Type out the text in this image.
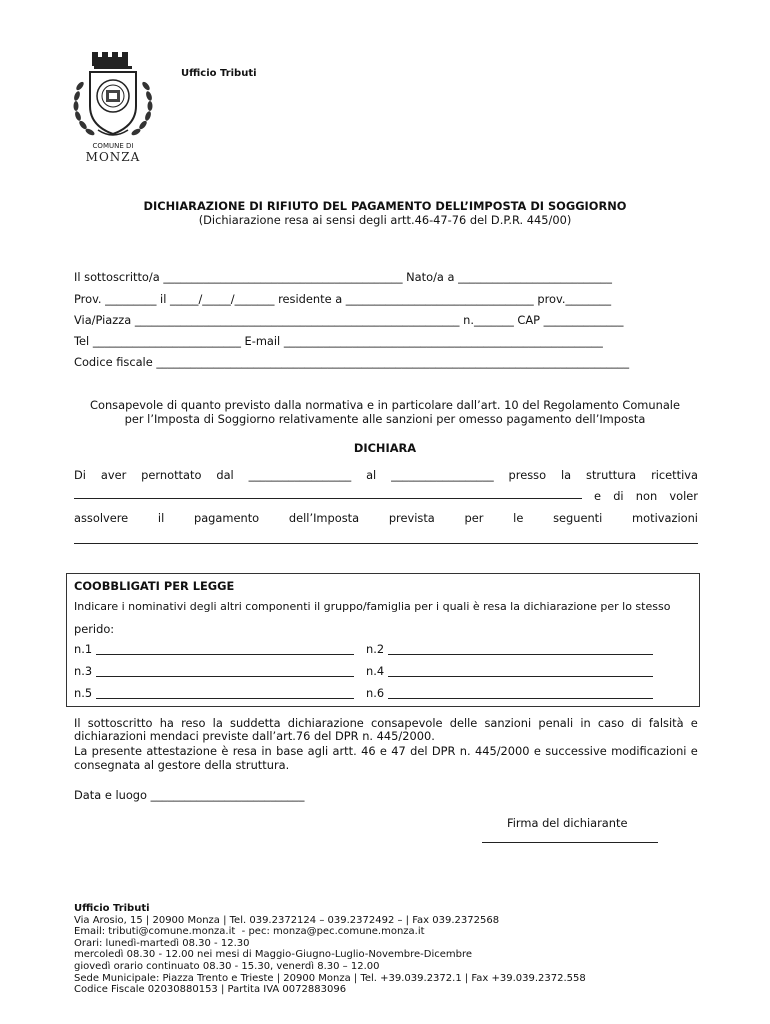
COMUNE DI
MONZA
Ufficio Tributi
DICHIARAZIONE DI RIFIUTO DEL PAGAMENTO DELL’IMPOSTA DI SOGGIORNO
(Dichiarazione resa ai sensi degli artt.46-47-76 del D.P.R. 445/00)
Il sottoscritto/a __________________________________________ Nato/a a ___________________________
Prov. _________ il _____/_____/_______ residente a _________________________________ prov.________
Via/Piazza _________________________________________________________ n._______ CAP ______________
Tel __________________________ E-mail ________________________________________________________
Codice fiscale ___________________________________________________________________________________
Consapevole di quanto previsto dalla normativa e in particolare dall’art. 10 del Regolamento Comunale
per l’Imposta di Soggiorno relativamente alle sanzioni per omesso pagamento dell’Imposta
DICHIARA
Di aver pernottato dal __________________ al __________________ presso la struttura ricettiva
e di non voler
assolvere	il	pagamento	dell’Imposta	prevista	per	le	seguenti	motivazioni
COOBBLIGATI PER LEGGE
Indicare i nominativi degli altri componenti il gruppo/famiglia per i quali è resa la dichiarazione per lo stesso
perido:
n.1	n.2
n.3	n.4
n.5	n.6
Il sottoscritto ha reso la suddetta dichiarazione consapevole delle sanzioni penali in caso di falsità e
dichiarazioni mendaci previste dall’art.76 del DPR n. 445/2000.
La presente attestazione è resa in base agli artt. 46 e 47 del DPR n. 445/2000 e successive modificazioni e
consegnata al gestore della struttura.
Data e luogo ___________________________
Firma del dichiarante
Ufficio Tributi
Via Arosio, 15 | 20900 Monza | Tel. 039.2372124 – 039.2372492 – | Fax 039.2372568
Email: tributi@comune.monza.it  - pec: monza@pec.comune.monza.it
Orari: lunedì-martedì 08.30 - 12.30
mercoledì 08.30 - 12.00 nei mesi di Maggio-Giugno-Luglio-Novembre-Dicembre
giovedì orario continuato 08.30 - 15.30, venerdì 8.30 – 12.00
Sede Municipale: Piazza Trento e Trieste | 20900 Monza | Tel. +39.039.2372.1 | Fax +39.039.2372.558
Codice Fiscale 02030880153 | Partita IVA 0072883096
